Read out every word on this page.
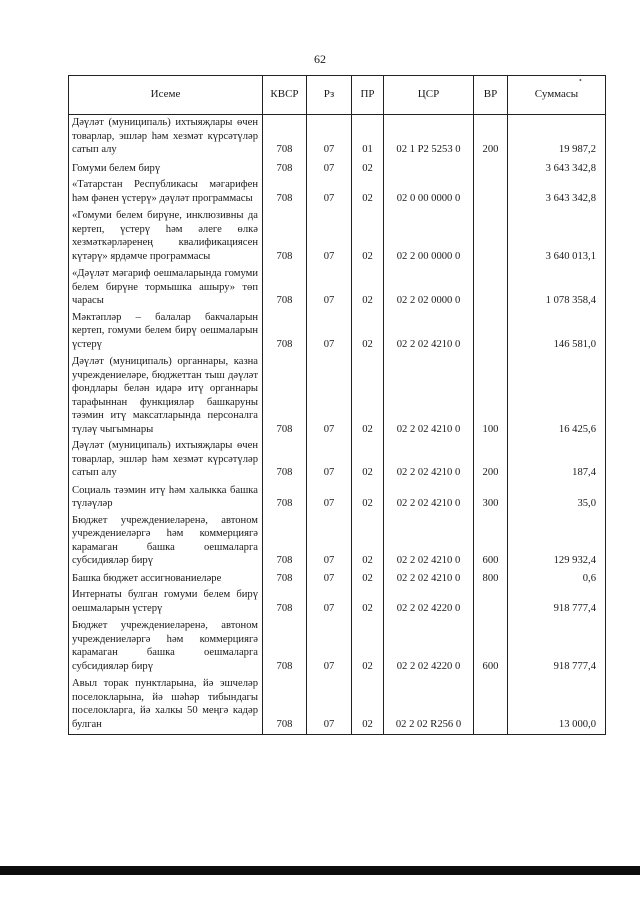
62
•
Исеме	КВСР	Рз	ПР	ЦСР	ВР	Суммасы
Дәүләт (муниципаль) ихтыяҗлары өчен товарлар, эшләр һәм хезмәт күрсәтүләр сатып алу	708	07	01	02 1 Р2 5253 0	200	19 987,2
Гомуми белем бирү	708	07	02			3 643 342,8
«Татарстан Республикасы мәгарифен һәм фәнен үстерү» дәүләт программасы	708	07	02	02 0 00 0000 0		3 643 342,8
«Гомуми белем бирүне, инклюзивны да кертеп, үстерү һәм әлеге өлкә хезмәткәрләренең квалификациясен күтәрү» ярдәмче программасы	708	07	02	02 2 00 0000 0		3 640 013,1
«Дәүләт мәгариф оешмаларында гомуми белем бирүне тормышка ашыру» төп чарасы	708	07	02	02 2 02 0000 0		1 078 358,4
Мәктәпләр – балалар бакчаларын кертеп, гомуми белем бирү оешмаларын үстерү	708	07	02	02 2 02 4210 0		146 581,0
Дәүләт (муниципаль) органнары, казна учреждениеләре, бюджеттан тыш дәүләт фондлары белән идарә итү органнары тарафыннан функцияләр башкаруны тәэмин итү максатларында персоналга түләү чыгымнары	708	07	02	02 2 02 4210 0	100	16 425,6
Дәүләт (муниципаль) ихтыяҗлары өчен товарлар, эшләр һәм хезмәт күрсәтүләр сатып алу	708	07	02	02 2 02 4210 0	200	187,4
Социаль тәэмин итү һәм халыкка башка түләүләр	708	07	02	02 2 02 4210 0	300	35,0
Бюджет учреждениеләренә, автоном учреждениеләргә һәм коммерциягә карамаган башка оешмаларга субсидияләр бирү	708	07	02	02 2 02 4210 0	600	129 932,4
Башка бюджет ассигнованиеләре	708	07	02	02 2 02 4210 0	800	0,6
Интернаты булган гомуми белем бирү оешмаларын үстерү	708	07	02	02 2 02 4220 0		918 777,4
Бюджет учреждениеләренә, автоном учреждениеләргә һәм коммерциягә карамаган башка оешмаларга субсидияләр бирү	708	07	02	02 2 02 4220 0	600	918 777,4
Авыл торак пунктларына, йә эшчеләр поселокларына, йә шәһәр тибындагы поселокларга, йә халкы 50 меңгә кадәр булган	708	07	02	02 2 02 R256 0		13 000,0
